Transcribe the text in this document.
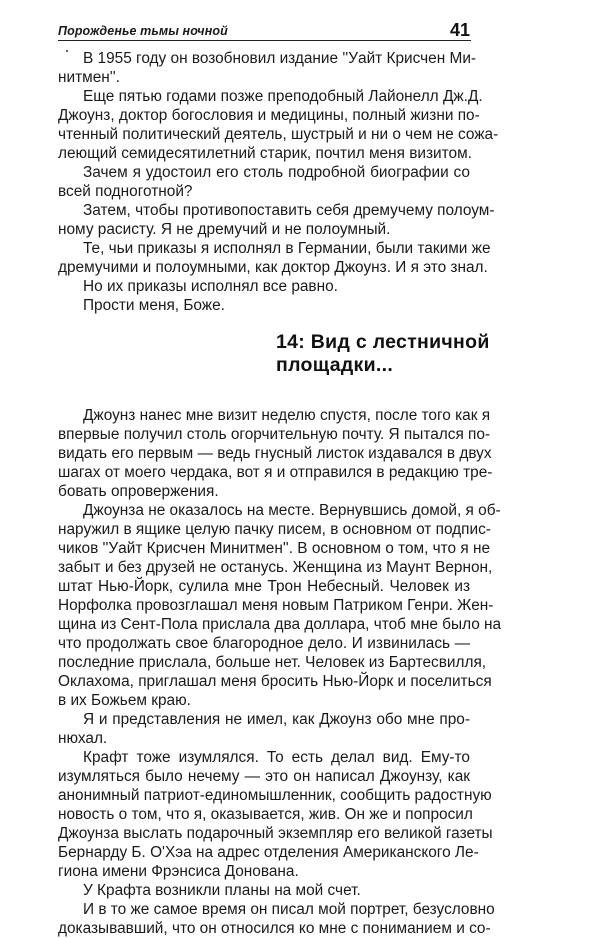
Порожденье тьмы ночной	41
В 1955 году он возобновил издание ''Уайт Крисчен Ми-
нитмен''.
Еще пятью годами позже преподобный Лайонелл Дж.Д.
Джоунз, доктор богословия и медицины, полный жизни по-
чтенный политический деятель, шустрый и ни о чем не сожа-
леющий семидесятилетний старик, почтил меня визитом.
Зачем я удостоил его столь подробной биографии со
всей подноготной?
Затем, чтобы противопоставить себя дремучему полоум-
ному расисту. Я не дремучий и не полоумный.
Те, чьи приказы я исполнял в Германии, были такими же
дремучими и полоумными, как доктор Джоунз. И я это знал.
Но их приказы исполнял все равно.
Прости меня, Боже.
14: Вид с лестничной
площадки...
Джоунз нанес мне визит неделю спустя, после того как я
впервые получил столь огорчительную почту. Я пытался по-
видать его первым — ведь гнусный листок издавался в двух
шагах от моего чердака, вот я и отправился в редакцию тре-
бовать опровержения.
Джоунза не оказалось на месте. Вернувшись домой, я об-
наружил в ящике целую пачку писем, в основном от подпис-
чиков ''Уайт Крисчен Минитмен''. В основном о том, что я не
забыт и без друзей не останусь. Женщина из Маунт Вернон,
штат Нью-Йорк, сулила мне Трон Небесный. Человек из
Норфолка провозглашал меня новым Патриком Генри. Жен-
щина из Сент-Пола прислала два доллара, чтоб мне было на
что продолжать свое благородное дело. И извинилась —
последние прислала, больше нет. Человек из Бартесвилля,
Оклахома, приглашал меня бросить Нью-Йорк и поселиться
в их Божьем краю.
Я и представления не имел, как Джоунз обо мне про-
нюхал.
Крафт тоже изумлялся. То есть делал вид. Ему-то
изумляться было нечему — это он написал Джоунзу, как
анонимный патриот-единомышленник, сообщить радостную
новость о том, что я, оказывается, жив. Он же и попросил
Джоунза выслать подарочный экземпляр его великой газеты
Бернарду Б. О'Хэа на адрес отделения Американского Ле-
гиона имени Фрэнсиса Донована.
У Крафта возникли планы на мой счет.
И в то же самое время он писал мой портрет, безусловно
доказывавший, что он относился ко мне с пониманием и со-
